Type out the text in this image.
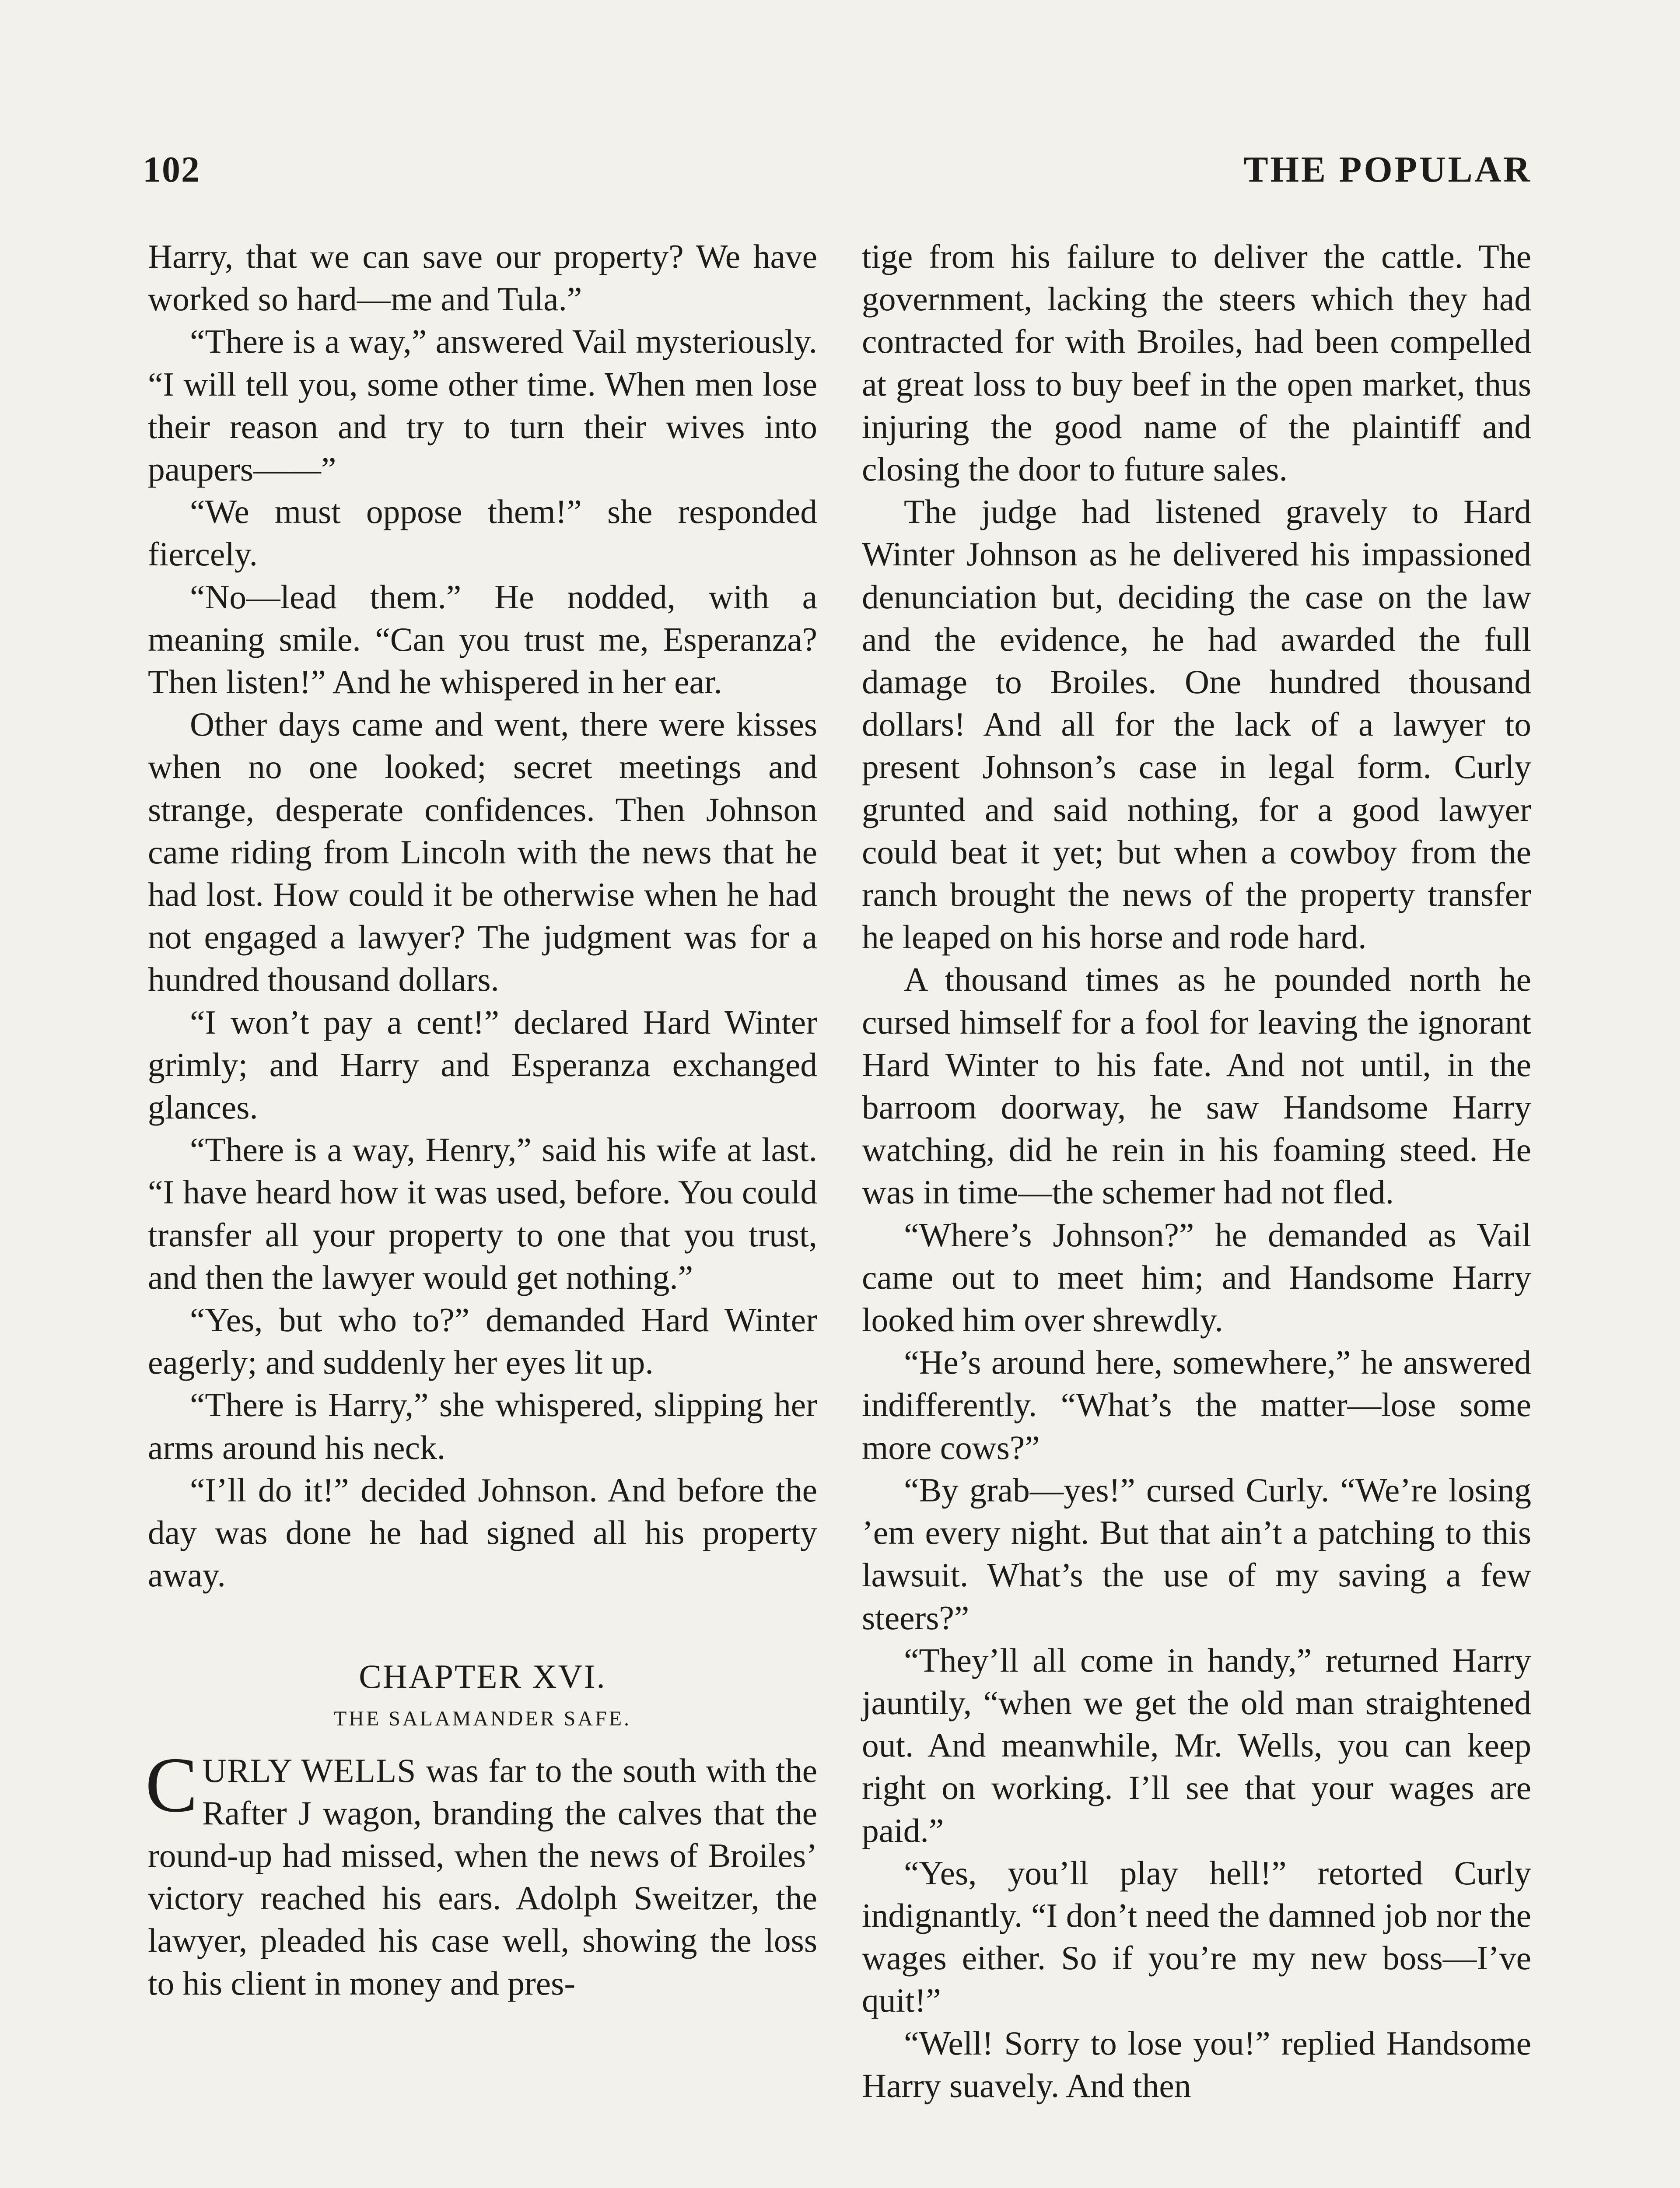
102	THE POPULAR

Harry, that we can save our property? We have worked so hard—me and Tula.”

“There is a way,” answered Vail mysteriously. “I will tell you, some other time. When men lose their reason and try to turn their wives into paupers——”

“We must oppose them!” she responded fiercely.

“No—lead them.” He nodded, with a meaning smile. “Can you trust me, Esperanza? Then listen!” And he whispered in her ear.

Other days came and went, there were kisses when no one looked; secret meetings and strange, desperate confidences. Then Johnson came riding from Lincoln with the news that he had lost. How could it be otherwise when he had not engaged a lawyer? The judgment was for a hundred thousand dollars.

“I won’t pay a cent!” declared Hard Winter grimly; and Harry and Esperanza exchanged glances.

“There is a way, Henry,” said his wife at last. “I have heard how it was used, before. You could transfer all your property to one that you trust, and then the lawyer would get nothing.”

“Yes, but who to?” demanded Hard Winter eagerly; and suddenly her eyes lit up.

“There is Harry,” she whispered, slipping her arms around his neck.

“I’ll do it!” decided Johnson. And before the day was done he had signed all his property away.

CHAPTER XVI.
THE SALAMANDER SAFE.

CURLY WELLS was far to the south with the Rafter J wagon, branding the calves that the round-up had missed, when the news of Broiles’ victory reached his ears. Adolph Sweitzer, the lawyer, pleaded his case well, showing the loss to his client in money and pres-

tige from his failure to deliver the cattle. The government, lacking the steers which they had contracted for with Broiles, had been compelled at great loss to buy beef in the open market, thus injuring the good name of the plaintiff and closing the door to future sales.

The judge had listened gravely to Hard Winter Johnson as he delivered his impassioned denunciation but, deciding the case on the law and the evidence, he had awarded the full damage to Broiles. One hundred thousand dollars! And all for the lack of a lawyer to present Johnson’s case in legal form. Curly grunted and said nothing, for a good lawyer could beat it yet; but when a cowboy from the ranch brought the news of the property transfer he leaped on his horse and rode hard.

A thousand times as he pounded north he cursed himself for a fool for leaving the ignorant Hard Winter to his fate. And not until, in the barroom doorway, he saw Handsome Harry watching, did he rein in his foaming steed. He was in time—the schemer had not fled.

“Where’s Johnson?” he demanded as Vail came out to meet him; and Handsome Harry looked him over shrewdly.

“He’s around here, somewhere,” he answered indifferently. “What’s the matter—lose some more cows?”

“By grab—yes!” cursed Curly. “We’re losing ’em every night. But that ain’t a patching to this lawsuit. What’s the use of my saving a few steers?”

“They’ll all come in handy,” returned Harry jauntily, “when we get the old man straightened out. And meanwhile, Mr. Wells, you can keep right on working. I’ll see that your wages are paid.”

“Yes, you’ll play hell!” retorted Curly indignantly. “I don’t need the damned job nor the wages either. So if you’re my new boss—I’ve quit!”

“Well! Sorry to lose you!” replied Handsome Harry suavely. And then
